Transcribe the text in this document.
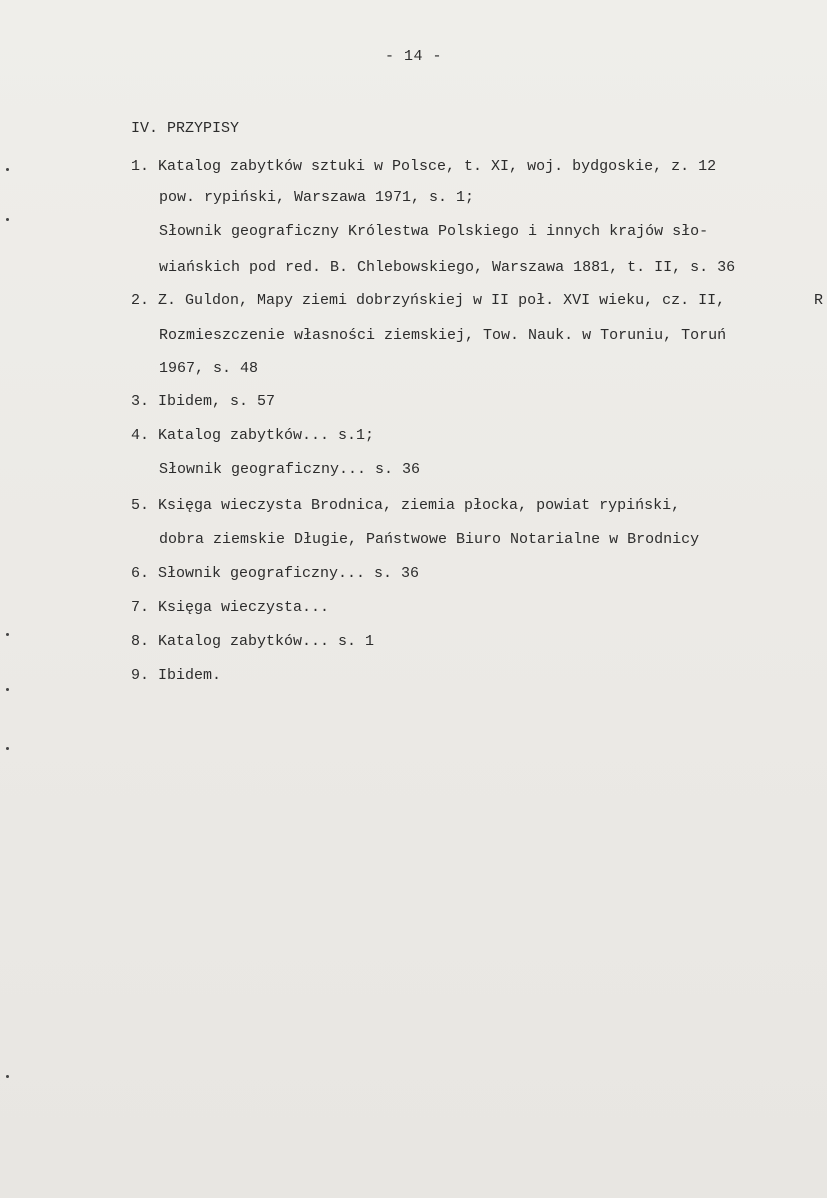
- 14 -
IV. PRZYPISY
1. Katalog zabytków sztuki w Polsce, t. XI, woj. bydgoskie, z. 12
pow. rypiński, Warszawa 1971, s. 1;
Słownik geograficzny Królestwa Polskiego i innych krajów sło-
wiańskich pod red. B. Chlebowskiego, Warszawa 1881, t. II, s. 36
2. Z. Guldon, Mapy ziemi dobrzyńskiej w II poł. XVI wieku, cz. II,
Rozmieszczenie własności ziemskiej, Tow. Nauk. w Toruniu, Toruń
1967, s. 48
3. Ibidem, s. 57
4. Katalog zabytków... s.1;
Słownik geograficzny... s. 36
5. Księga wieczysta Brodnica, ziemia płocka, powiat rypiński,
dobra ziemskie Długie, Państwowe Biuro Notarialne w Brodnicy
6. Słownik geograficzny... s. 36
7. Księga wieczysta...
8. Katalog zabytków... s. 1
9. Ibidem.
R
